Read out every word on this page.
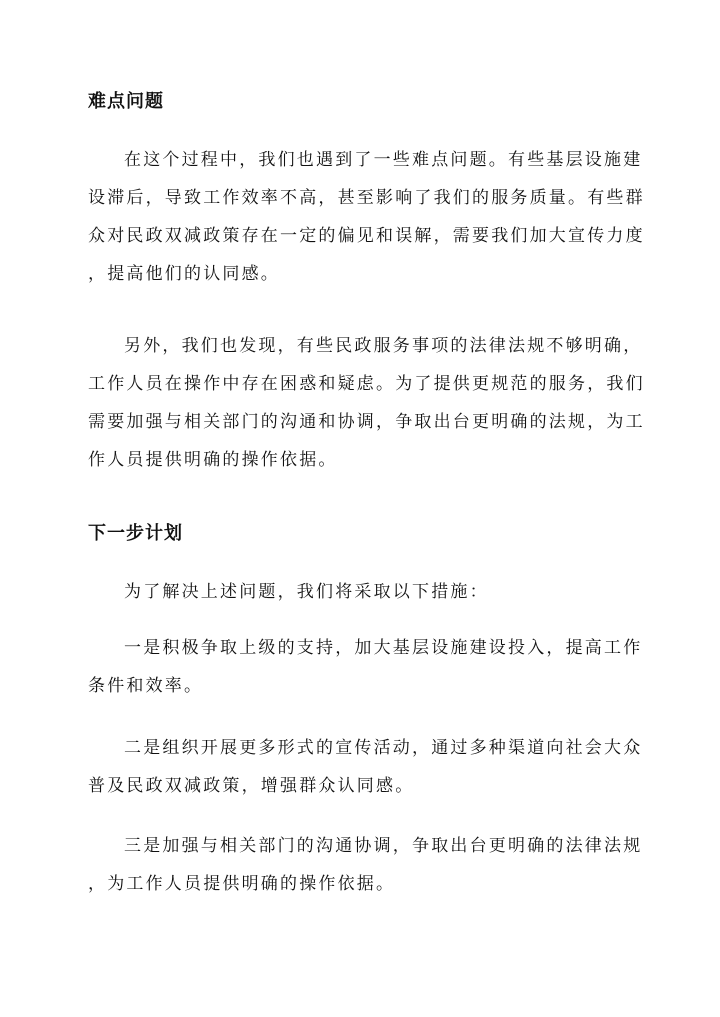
难点问题
在这个过程中，我们也遇到了一些难点问题。有些基层设施建
设滞后，导致工作效率不高，甚至影响了我们的服务质量。有些群
众对民政双减政策存在一定的偏见和误解，需要我们加大宣传力度
，提高他们的认同感。
另外，我们也发现，有些民政服务事项的法律法规不够明确，
工作人员在操作中存在困惑和疑虑。为了提供更规范的服务，我们
需要加强与相关部门的沟通和协调，争取出台更明确的法规，为工
作人员提供明确的操作依据。
下一步计划
为了解决上述问题，我们将采取以下措施：
一是积极争取上级的支持，加大基层设施建设投入，提高工作
条件和效率。
二是组织开展更多形式的宣传活动，通过多种渠道向社会大众
普及民政双减政策，增强群众认同感。
三是加强与相关部门的沟通协调，争取出台更明确的法律法规
，为工作人员提供明确的操作依据。
